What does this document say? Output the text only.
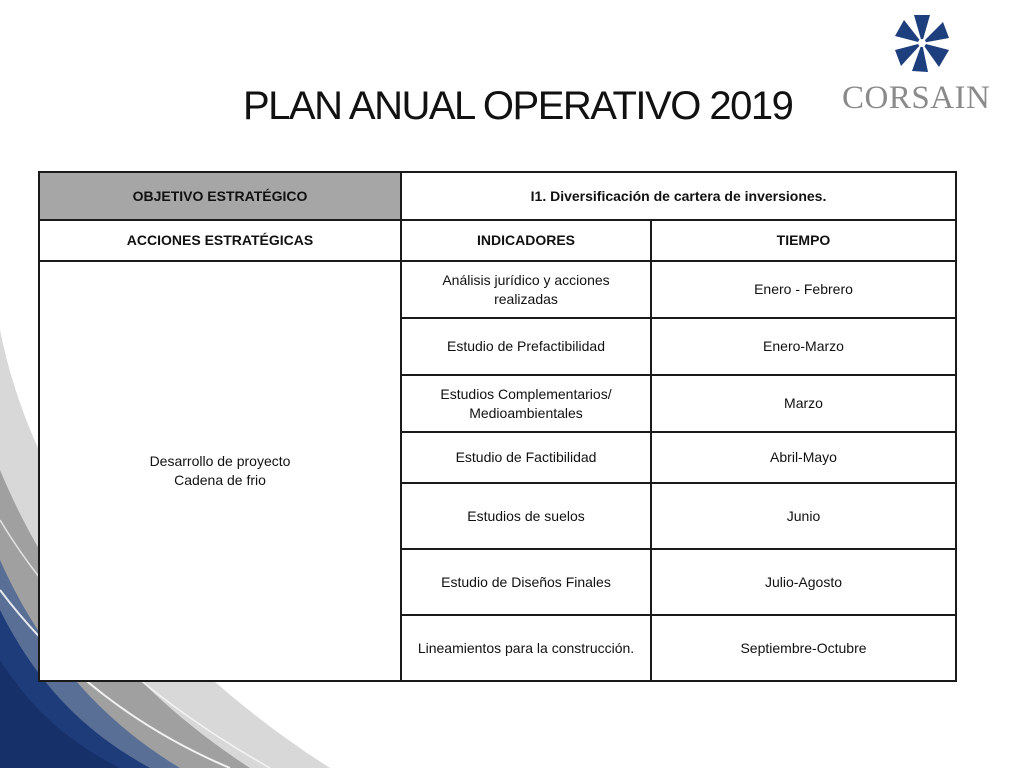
PLAN ANUAL OPERATIVO 2019 CORSAIN
OBJETIVO ESTRATÉGICO	I1. Diversificación de cartera de inversiones.	
ACCIONES ESTRATÉGICAS	INDICADORES	TIEMPO
Desarrollo de proyecto
Cadena de frio	Análisis jurídico y acciones realizadas	Enero - Febrero
	Estudio de Prefactibilidad	Enero-Marzo
	Estudios Complementarios/ Medioambientales	Marzo
	Estudio de Factibilidad	Abril-Mayo
	Estudios de suelos	Junio
	Estudio de Diseños Finales	Julio-Agosto
	Lineamientos para la construcción.	Septiembre-Octubre
